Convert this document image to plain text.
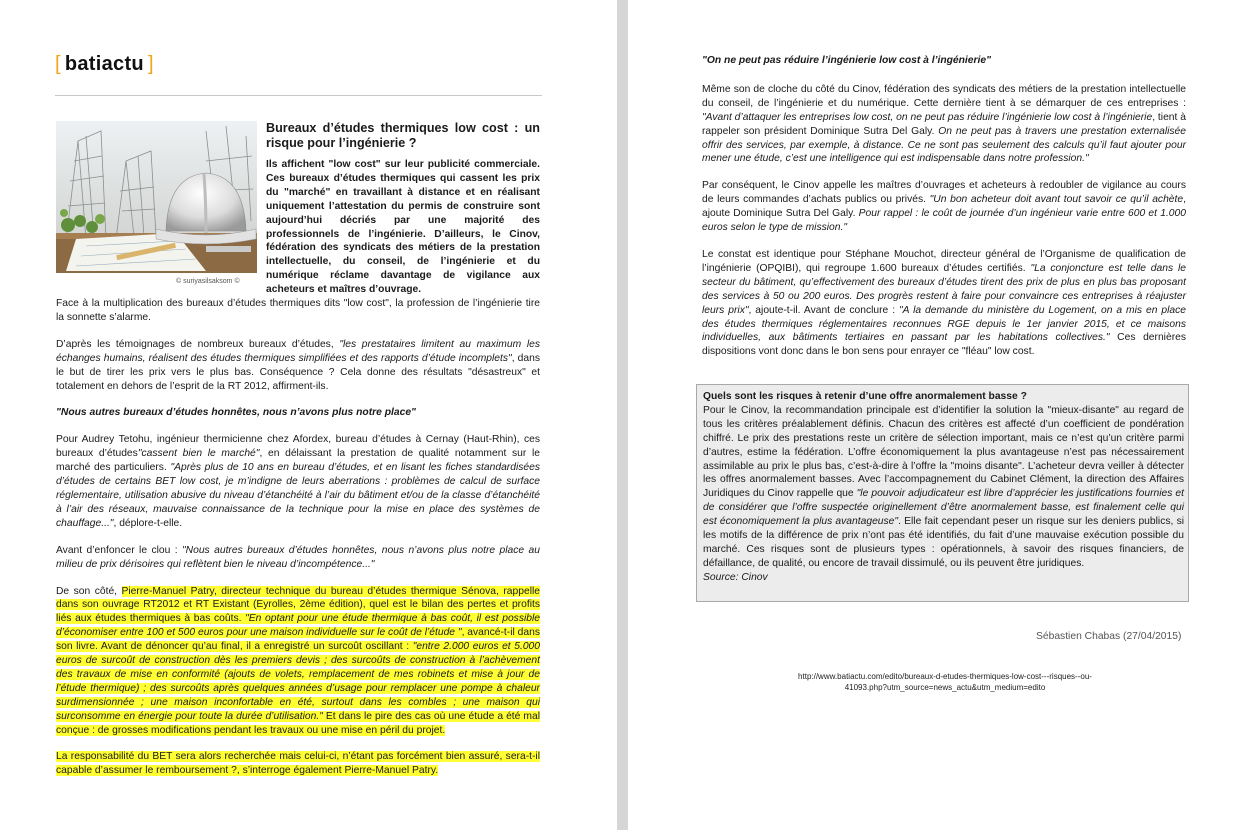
[ batiactu ]
© suriyasilsaksom ©
Bureaux d’études thermiques low cost : un risque pour l’ingénierie ?
Ils affichent "low cost" sur leur publicité commerciale. Ces bureaux d’études thermiques qui cassent les prix du "marché" en travaillant à distance et en réalisant uniquement l’attestation du permis de construire sont aujourd’hui décriés par une majorité des professionnels de l’ingénierie. D’ailleurs, le Cinov, fédération des syndicats des métiers de la prestation intellectuelle, du conseil, de l’ingénierie et du numérique réclame davantage de vigilance aux acheteurs et maîtres d’ouvrage.

Face à la multiplication des bureaux d’études thermiques dits "low cost", la profession de l’ingénierie tire la sonnette s’alarme.

D’après les témoignages de nombreux bureaux d’études, "les prestataires limitent au maximum les échanges humains, réalisent des études thermiques simplifiées et des rapports d’étude incomplets", dans le but de tirer les prix vers le plus bas. Conséquence ? Cela donne des résultats "désastreux" et totalement en dehors de l’esprit de la RT 2012, affirment-ils.

"Nous autres bureaux d’études honnêtes, nous n’avons plus notre place"

Pour Audrey Tetohu, ingénieur thermicienne chez Afordex, bureau d’études à Cernay (Haut-Rhin), ces bureaux d’études"cassent bien le marché", en délaissant la prestation de qualité notamment sur le marché des particuliers. "Après plus de 10 ans en bureau d’études, et en lisant les fiches standardisées d’études de certains BET low cost, je m’indigne de leurs aberrations : problèmes de calcul de surface réglementaire, utilisation abusive du niveau d’étanchéité à l’air du bâtiment et/ou de la classe d’étanchéité à l’air des réseaux, mauvaise connaissance de la technique pour la mise en place des systèmes de chauffage...", déplore-t-elle.

Avant d’enfoncer le clou : "Nous autres bureaux d’études honnêtes, nous n’avons plus notre place au milieu de prix dérisoires qui reflètent bien le niveau d’incompétence..."

De son côté, Pierre-Manuel Patry, directeur technique du bureau d’études thermique Sénova, rappelle dans son ouvrage RT2012 et RT Existant (Eyrolles, 2ème édition), quel est le bilan des pertes et profits liés aux études thermiques à bas coûts. "En optant pour une étude thermique à bas coût, il est possible d’économiser entre 100 et 500 euros pour une maison individuelle sur le coût de l’étude ", avancé-t-il dans son livre. Avant de dénoncer qu’au final, il a enregistré un surcoût oscillant : "entre 2.000 euros et 5.000 euros de surcoût de construction dès les premiers devis ; des surcoûts de construction à l’achèvement des travaux de mise en conformité (ajouts de volets, remplacement de mes robinets et mise à jour de l’étude thermique) ; des surcoûts après quelques années d’usage pour remplacer une pompe à chaleur surdimensionnée ; une maison inconfortable en été, surtout dans les combles ; une maison qui surconsomme en énergie pour toute la durée d’utilisation." Et dans le pire des cas où une étude a été mal conçue : de grosses modifications pendant les travaux ou une mise en péril du projet.

La responsabilité du BET sera alors recherchée mais celui-ci, n’étant pas forcément bien assuré, sera-t-il capable d’assumer le remboursement ?, s’interroge également Pierre-Manuel Patry.

"On ne peut pas réduire l’ingénierie low cost à l’ingénierie"

Même son de cloche du côté du Cinov, fédération des syndicats des métiers de la prestation intellectuelle du conseil, de l’ingénierie et du numérique. Cette dernière tient à se démarquer de ces entreprises : "Avant d’attaquer les entreprises low cost, on ne peut pas réduire l’ingénierie low cost à l’ingénierie, tient à rappeler son président Dominique Sutra Del Galy. On ne peut pas à travers une prestation externalisée offrir des services, par exemple, à distance. Ce ne sont pas seulement des calculs qu’il faut ajouter pour mener une étude, c’est une intelligence qui est indispensable dans notre profession."

Par conséquent, le Cinov appelle les maîtres d’ouvrages et acheteurs à redoubler de vigilance au cours de leurs commandes d’achats publics ou privés. "Un bon acheteur doit avant tout savoir ce qu’il achète, ajoute Dominique Sutra Del Galy. Pour rappel : le coût de journée d’un ingénieur varie entre 600 et 1.000 euros selon le type de mission."

Le constat est identique pour Stéphane Mouchot, directeur général de l’Organisme de qualification de l’ingénierie (OPQIBI), qui regroupe 1.600 bureaux d’études certifiés. "La conjoncture est telle dans le secteur du bâtiment, qu’effectivement des bureaux d’études tirent des prix de plus en plus bas proposant des services à 50 ou 200 euros. Des progrès restent à faire pour convaincre ces entreprises à réajuster leurs prix", ajoute-t-il. Avant de conclure : "A la demande du ministère du Logement, on a mis en place des études thermiques réglementaires reconnues RGE depuis le 1er janvier 2015, et ce maisons individuelles, aux bâtiments tertiaires en passant par les habitations collectives." Ces dernières dispositions vont donc dans le bon sens pour enrayer ce "fléau" low cost.

Quels sont les risques à retenir d’une offre anormalement basse ?

Pour le Cinov, la recommandation principale est d’identifier la solution la "mieux-disante" au regard de tous les critères préalablement définis. Chacun des critères est affecté d’un coefficient de pondération chiffré. Le prix des prestations reste un critère de sélection important, mais ce n’est qu’un critère parmi d’autres, estime la fédération. L’offre économiquement la plus avantageuse n’est pas nécessairement assimilable au prix le plus bas, c’est-à-dire à l’offre la "moins disante". L’acheteur devra veiller à détecter les offres anormalement basses. Avec l’accompagnement du Cabinet Clément, la direction des Affaires Juridiques du Cinov rappelle que "le pouvoir adjudicateur est libre d’apprécier les justifications fournies et de considérer que l’offre suspectée originellement d’être anormalement basse, est finalement celle qui est économiquement la plus avantageuse". Elle fait cependant peser un risque sur les deniers publics, si les motifs de la différence de prix n’ont pas été identifiés, du fait d’une mauvaise exécution possible du marché. Ces risques sont de plusieurs types : opérationnels, à savoir des risques financiers, de défaillance, de qualité, ou encore de travail dissimulé, ou ils peuvent être juridiques.

Source: Cinov

Sébastien Chabas (27/04/2015)
http://www.batiactu.com/edito/bureaux-d-etudes-thermiques-low-cost---risques--ou-41093.php?utm_source=news_actu&utm_medium=edito
